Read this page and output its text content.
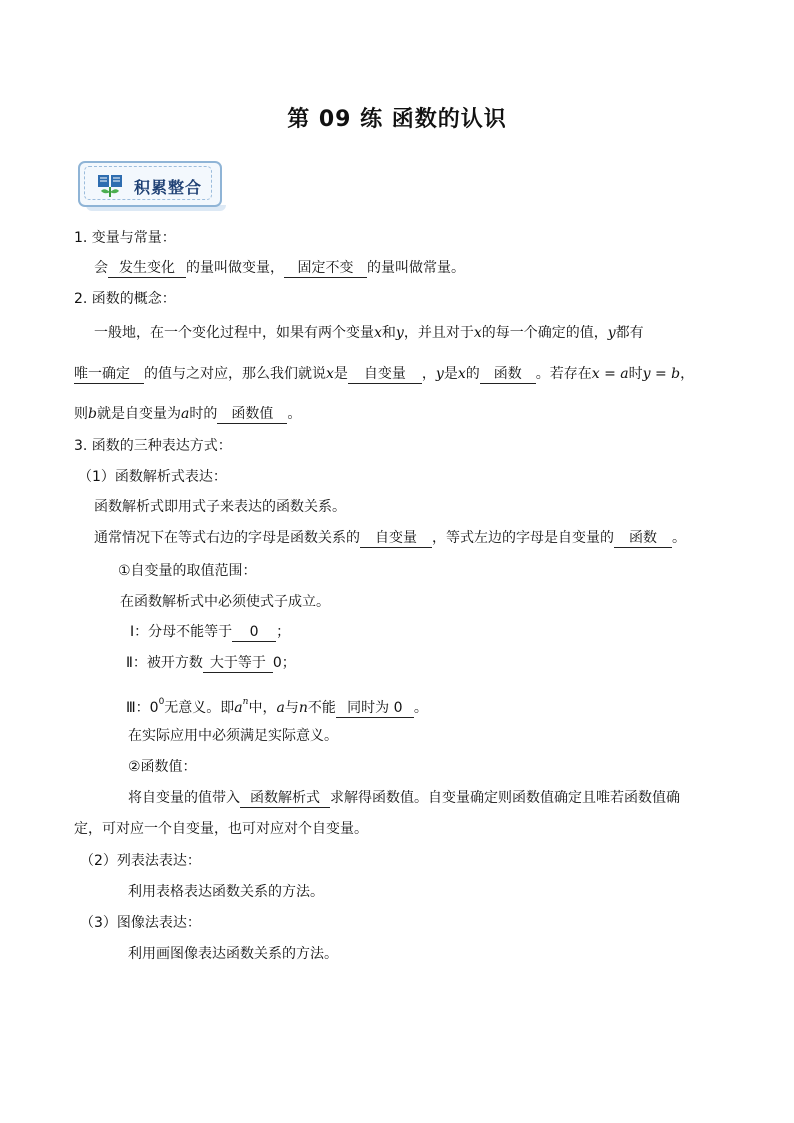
第 09 练 函数的认识
积累整合
1. 变量与常量：
会 发生变化 的量叫做变量， 固定不变 的量叫做常量。
2. 函数的概念：
一般地，在一个变化过程中，如果有两个变量x和y，并且对于x的每一个确定的值，y都有
唯一确定 的值与之对应，那么我们就说x是 自变量 ，y是x的 函数 。若存在x = a时y = b，
则b就是自变量为a时的 函数值 。
3. 函数的三种表达方式：
（1）函数解析式表达：
函数解析式即用式子来表达的函数关系。
通常情况下在等式右边的字母是函数关系的 自变量 ，等式左边的字母是自变量的 函数 。
①自变量的取值范围：
在函数解析式中必须使式子成立。
Ⅰ：分母不能等于 0 ；
Ⅱ：被开方数 大于等于 0；
Ⅲ：$0^0$无意义。即$a^n$中，a与n不能 同时为 0 。
在实际应用中必须满足实际意义。
②函数值：
将自变量的值带入 函数解析式 求解得函数值。自变量确定则函数值确定且唯若函数值确
定，可对应一个自变量，也可对应对个自变量。
（2）列表法表达：
利用表格表达函数关系的方法。
（3）图像法表达：
利用画图像表达函数关系的方法。
